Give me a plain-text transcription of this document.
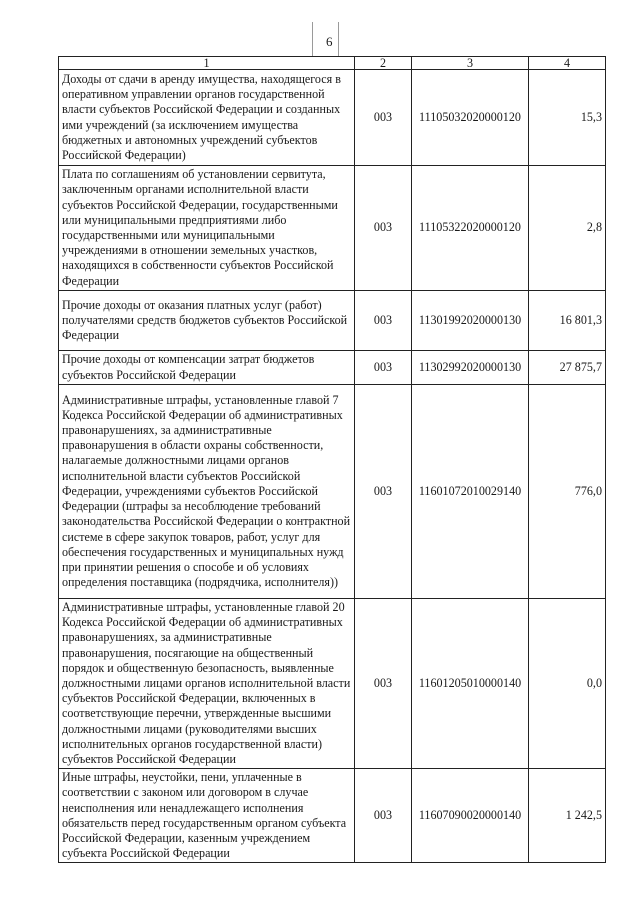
6
1	2	3	4
Доходы от сдачи в аренду имущества, находящегося в оперативном управлении органов государственной власти субъектов Российской Федерации и созданных ими учреждений (за исключением имущества бюджетных и автономных учреждений субъектов Российской Федерации)	003	11105032020000120	15,3
Плата по соглашениям об установлении сервитута, заключенным органами исполнительной власти субъектов Российской Федерации, государственными или муниципальными предприятиями либо государственными или муниципальными учреждениями в отношении земельных участков, находящихся в собственности субъектов Российской Федерации	003	11105322020000120	2,8
Прочие доходы от оказания платных услуг (работ) получателями средств бюджетов субъектов Российской Федерации	003	11301992020000130	16 801,3
Прочие доходы от компенсации затрат бюджетов субъектов Российской Федерации	003	11302992020000130	27 875,7
Административные штрафы, установленные главой 7 Кодекса Российской Федерации об административных правонарушениях, за административные правонарушения в области охраны собственности, налагаемые должностными лицами органов исполнительной власти субъектов Российской Федерации, учреждениями субъектов Российской Федерации (штрафы за несоблюдение требований законодательства Российской Федерации о контрактной системе в сфере закупок товаров, работ, услуг для обеспечения государственных и муниципальных нужд при принятии решения о способе и об условиях определения поставщика (подрядчика, исполнителя))	003	11601072010029140	776,0
Административные штрафы, установленные главой 20 Кодекса Российской Федерации об административных правонарушениях, за административные правонарушения, посягающие на общественный порядок и общественную безопасность, выявленные должностными лицами органов исполнительной власти субъектов Российской Федерации, включенных в соответствующие перечни, утвержденные высшими должностными лицами (руководителями высших исполнительных органов государственной власти) субъектов Российской Федерации	003	11601205010000140	0,0
Иные штрафы, неустойки, пени, уплаченные в соответствии с законом или договором в случае неисполнения или ненадлежащего исполнения обязательств перед государственным органом субъекта Российской Федерации, казенным учреждением субъекта Российской Федерации	003	11607090020000140	1 242,5
